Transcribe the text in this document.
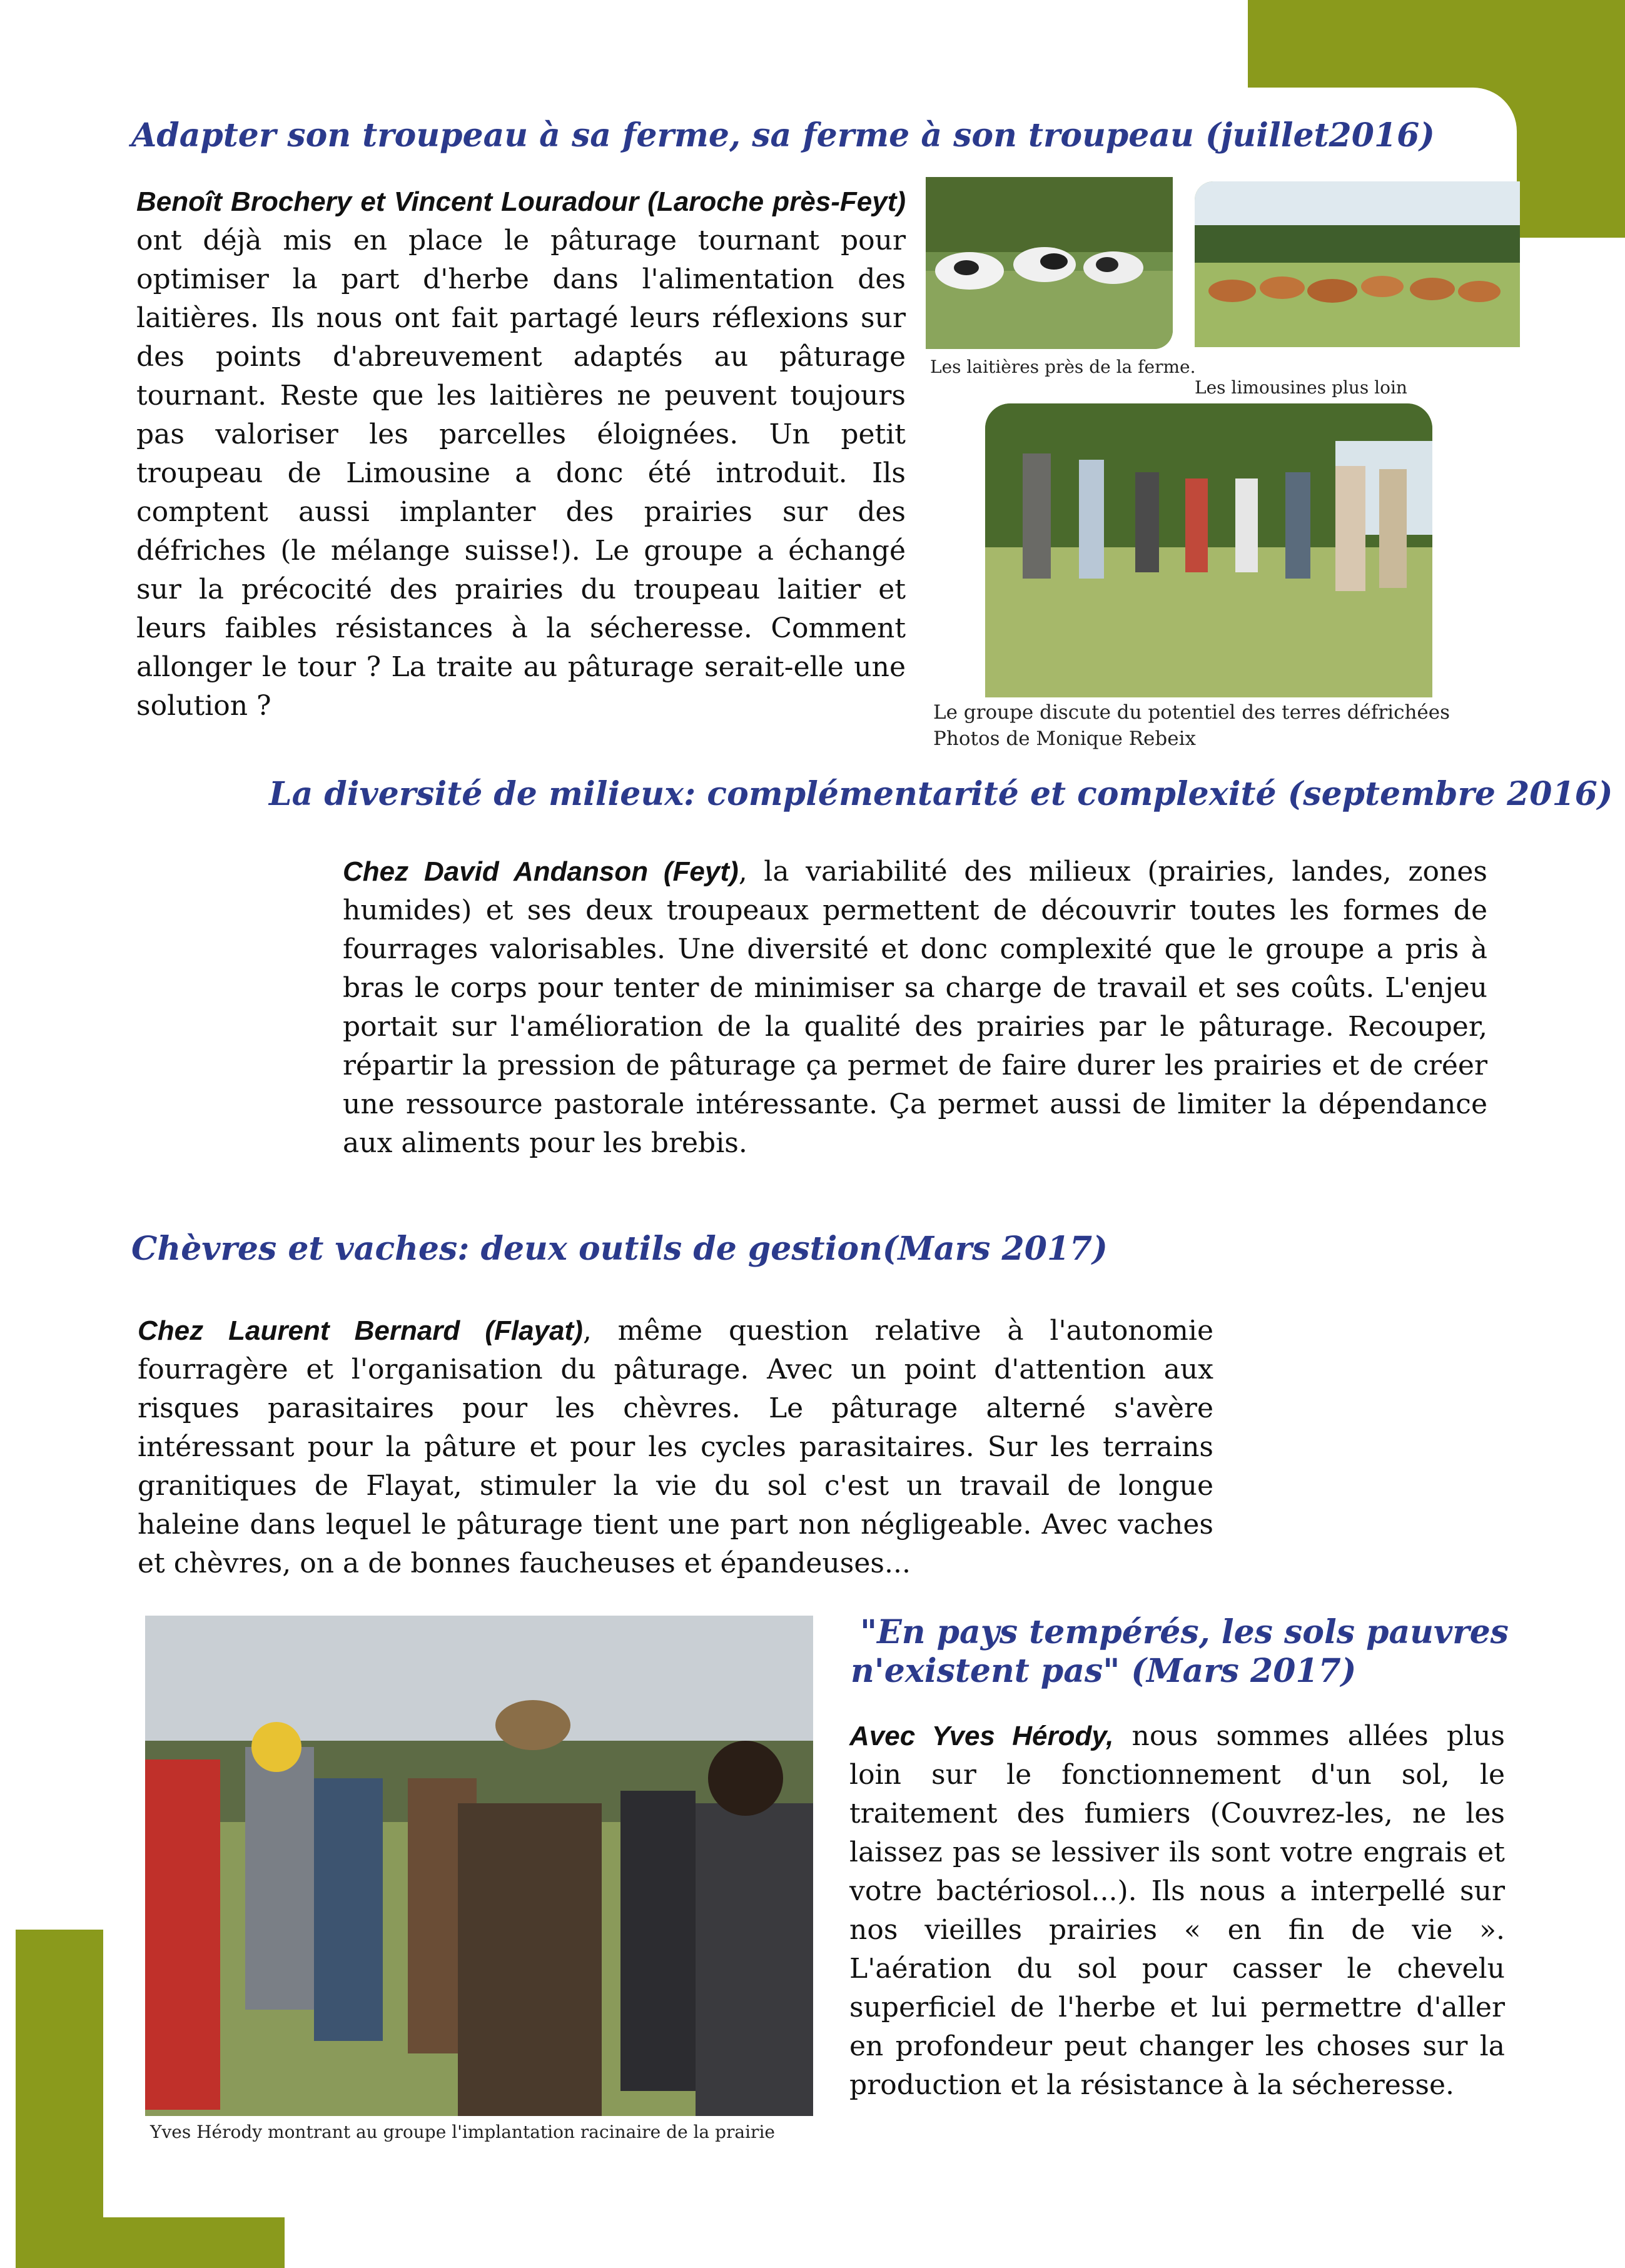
Adapter son troupeau à sa ferme, sa ferme à son troupeau (juillet2016)
Benoît Brochery et Vincent Louradour (Laroche près-Feyt) ont déjà mis en place le pâturage tournant pour optimiser la part d'herbe dans l'alimentation des laitières. Ils nous ont fait partagé leurs réflexions sur des points d'abreuvement adaptés au pâturage tournant. Reste que les laitières ne peuvent toujours pas valoriser les parcelles éloignées. Un petit troupeau de Limousine a donc été introduit. Ils comptent aussi implanter des prairies sur des défriches (le mélange suisse!). Le groupe a échangé sur la précocité des prairies du troupeau laitier et leurs faibles résistances à la sécheresse. Comment allonger le tour ? La traite au pâturage serait-elle une solution ?
Les laitières près de la ferme.
Les limousines plus loin
Le groupe discute du potentiel des terres défrichées
Photos de Monique Rebeix
La diversité de milieux: complémentarité et complexité (septembre 2016)
Chez David Andanson (Feyt), la variabilité des milieux (prairies, landes, zones humides) et ses deux troupeaux permettent de découvrir toutes les formes de fourrages valorisables. Une diversité et donc complexité que le groupe a pris à bras le corps pour tenter de minimiser sa charge de travail et ses coûts. L'enjeu portait sur l'amélioration de la qualité des prairies par le pâturage. Recouper, répartir la pression de pâturage ça permet de faire durer les prairies et de créer une ressource pastorale intéressante. Ça permet aussi de limiter la dépendance aux aliments pour les brebis.
Chèvres et vaches: deux outils de gestion(Mars 2017)
Chez Laurent Bernard (Flayat), même question relative à l'autonomie fourragère et l'organisation du pâturage. Avec un point d'attention aux risques parasitaires pour les chèvres. Le pâturage alterné s'avère intéressant pour la pâture et pour les cycles parasitaires. Sur les terrains granitiques de Flayat, stimuler la vie du sol c'est un travail de longue haleine dans lequel le pâturage tient une part non négligeable. Avec vaches et chèvres, on a de bonnes faucheuses et épandeuses...
Yves Hérody montrant au groupe l'implantation racinaire de la prairie
"En pays tempérés, les sols pauvres
n'existent pas" (Mars 2017)
Avec Yves Hérody, nous sommes allées plus loin sur le fonctionnement d'un sol, le traitement des fumiers (Couvrez-les, ne les laissez pas se lessiver ils sont votre engrais et votre bactériosol...). Ils nous a interpellé sur nos vieilles prairies « en fin de vie ». L'aération du sol pour casser le chevelu superficiel de l'herbe et lui permettre d'aller en profondeur peut changer les choses sur la production et la résistance à la sécheresse.
